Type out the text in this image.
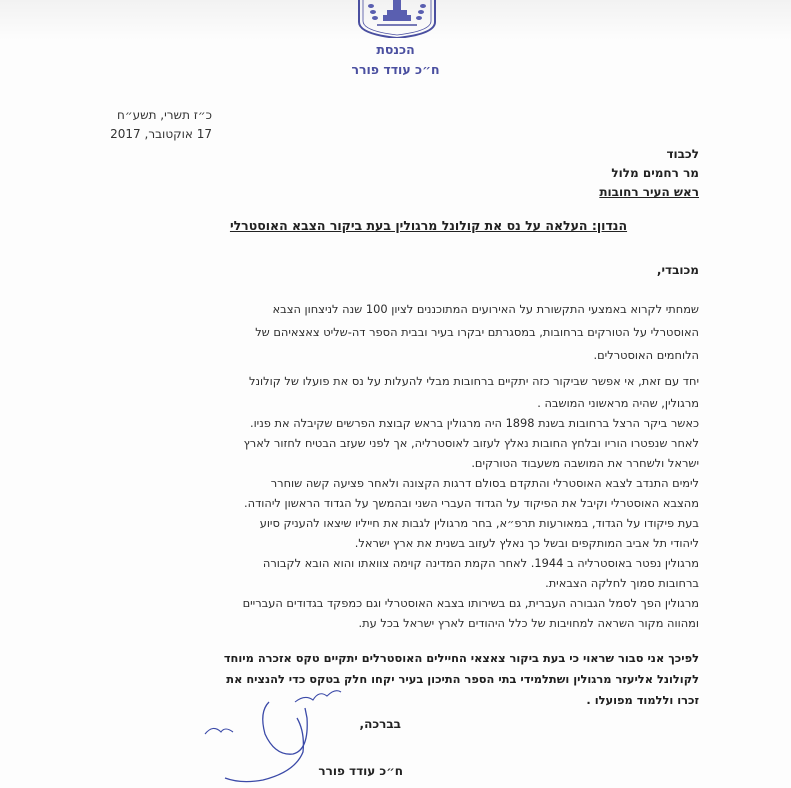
הכנסת
ח״כ עודד פורר
כ״ז תשרי, תשע״ח
17 אוקטובר, 2017
לכבוד
מר רחמים מלול
ראש העיר רחובות
הנדון: העלאה על נס את קולונל מרגולין בעת ביקור הצבא האוסטרלי
מכובדי,
שמחתי לקרוא באמצעי התקשורת על האירועים המתוכננים לציון 100 שנה לניצחון הצבא
האוסטרלי על הטורקים ברחובות, במסגרתם יבקרו בעיר ובבית הספר דה-שליט צאצאיהם של
הלוחמים האוסטרלים.
יחד עם זאת, אי אפשר שביקור כזה יתקיים ברחובות מבלי להעלות על נס את פועלו של קולונל
מרגולין, שהיה מראשוני המושבה .
כאשר ביקר הרצל ברחובות בשנת 1898 היה מרגולין בראש קבוצת הפרשים שקיבלה את פניו.
לאחר שנפטרו הוריו ובלחץ החובות נאלץ לעזוב לאוסטרליה, אך לפני שעזב הבטיח לחזור לארץ
ישראל ולשחרר את המושבה משעבוד הטורקים.
לימים התנדב לצבא האוסטרלי והתקדם בסולם דרגות הקצונה ולאחר פציעה קשה שוחרר
מהצבא האוסטרלי וקיבל את הפיקוד על הגדוד העברי השני ובהמשך על הגדוד הראשון ליהודה.
בעת פיקודו על הגדוד, במאורעות תרפ״א, בחר מרגולין לגבות את חייליו שיצאו להעניק סיוע
ליהודי תל אביב המותקפים ובשל כך נאלץ לעזוב בשנית את ארץ ישראל.
מרגולין נפטר באוסטרליה ב 1944. לאחר הקמת המדינה קוימה צוואתו והוא הובא לקבורה
ברחובות סמוך לחלקה הצבאית.
מרגולין הפך לסמל הגבורה העברית, גם בשירותו בצבא האוסטרלי וגם כמפקד בגדודים העבריים
ומהווה מקור השראה למחויבות של כלל היהודים לארץ ישראל בכל עת.
לפיכך אני סבור שראוי כי בעת ביקור צאצאי החיילים האוסטרלים יתקיים טקס אזכרה מיוחד
לקולונל אליעזר מרגולין ושתלמידי בתי הספר התיכון בעיר יקחו חלק בטקס כדי להנציח את
זכרו וללמוד מפועלו .
בברכה,
ח״כ עודד פורר
